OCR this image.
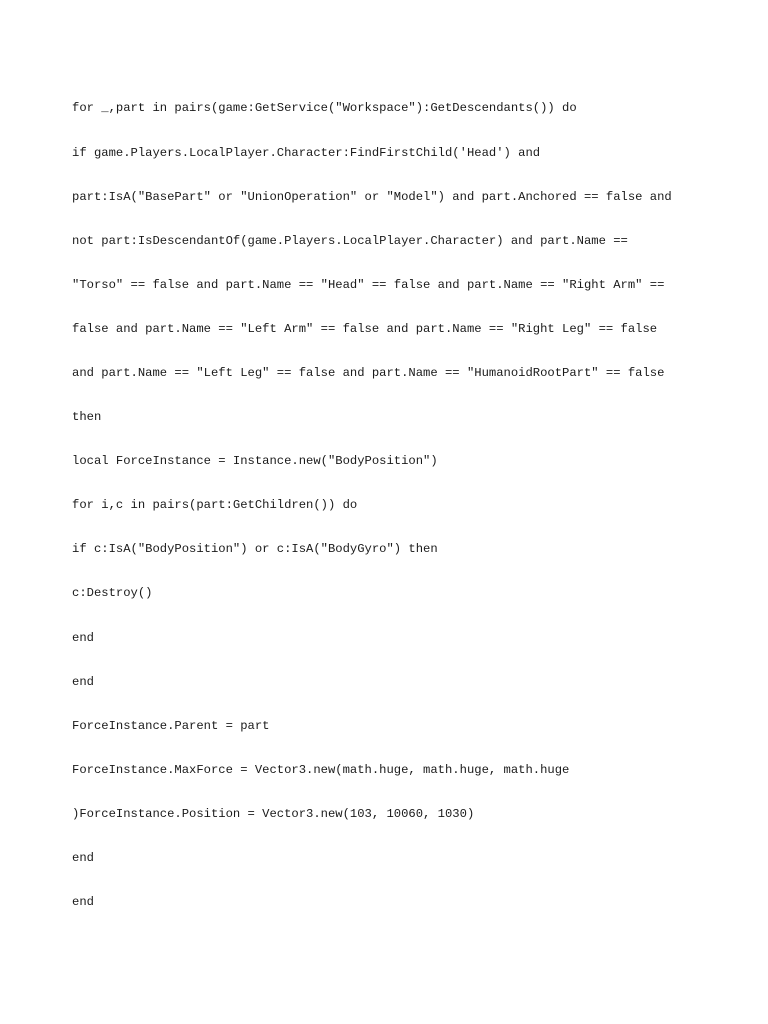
for _,part in pairs(game:GetService("Workspace"):GetDescendants()) do

if game.Players.LocalPlayer.Character:FindFirstChild('Head') and

part:IsA("BasePart" or "UnionOperation" or "Model") and part.Anchored == false and

not part:IsDescendantOf(game.Players.LocalPlayer.Character) and part.Name ==

"Torso" == false and part.Name == "Head" == false and part.Name == "Right Arm" ==

false and part.Name == "Left Arm" == false and part.Name == "Right Leg" == false

and part.Name == "Left Leg" == false and part.Name == "HumanoidRootPart" == false

then

local ForceInstance = Instance.new("BodyPosition")

for i,c in pairs(part:GetChildren()) do

if c:IsA("BodyPosition") or c:IsA("BodyGyro") then

c:Destroy()

end

end

ForceInstance.Parent = part

ForceInstance.MaxForce = Vector3.new(math.huge, math.huge, math.huge

)ForceInstance.Position = Vector3.new(103, 10060, 1030)

end

end
